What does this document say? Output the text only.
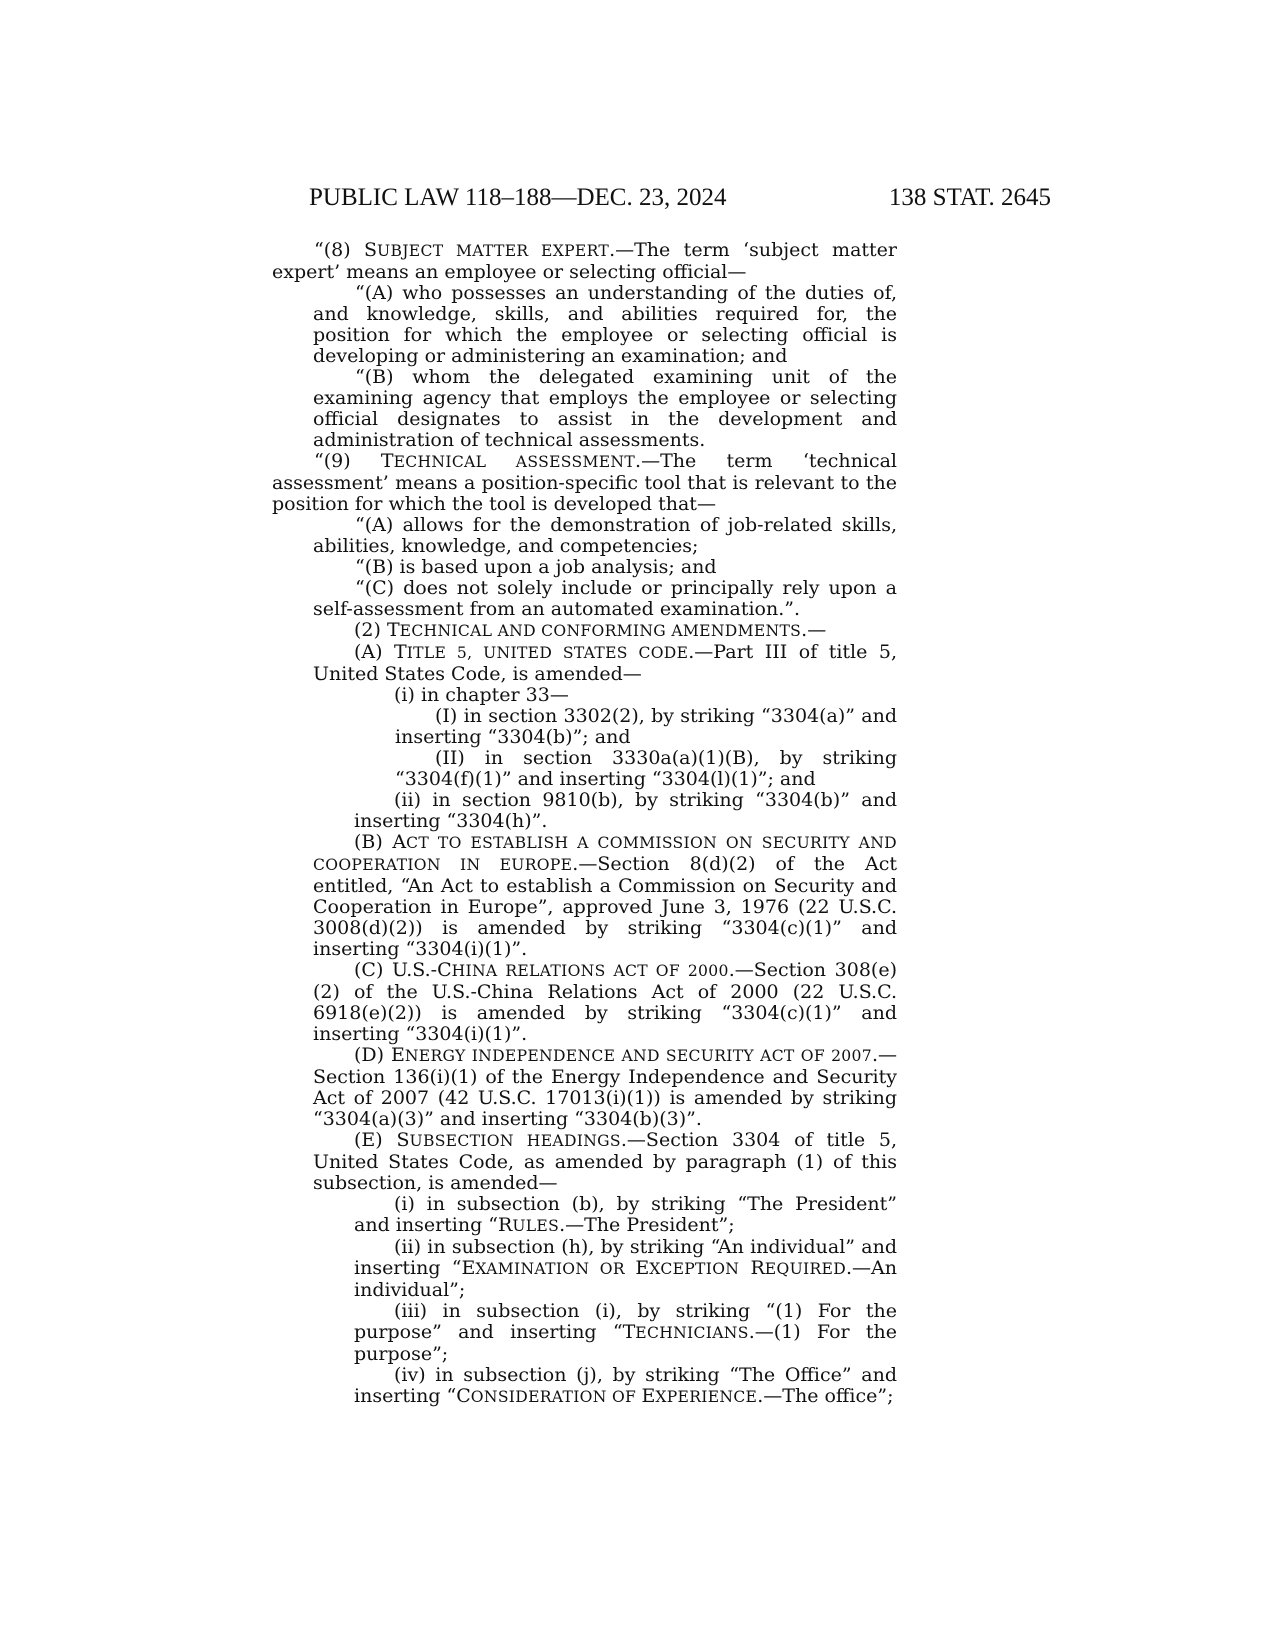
PUBLIC LAW 118–188—DEC. 23, 2024	138 STAT. 2645
“(8) SUBJECT MATTER EXPERT.—The term ‘subject matter expert’ means an employee or selecting official—
“(A) who possesses an understanding of the duties of, and knowledge, skills, and abilities required for, the position for which the employee or selecting official is developing or administering an examination; and
“(B) whom the delegated examining unit of the examining agency that employs the employee or selecting official designates to assist in the development and administration of technical assessments.
“(9) TECHNICAL ASSESSMENT.—The term ‘technical assessment’ means a position-specific tool that is relevant to the position for which the tool is developed that—
“(A) allows for the demonstration of job-related skills, abilities, knowledge, and competencies;
“(B) is based upon a job analysis; and
“(C) does not solely include or principally rely upon a self-assessment from an automated examination.”.
(2) TECHNICAL AND CONFORMING AMENDMENTS.—
(A) TITLE 5, UNITED STATES CODE.—Part III of title 5, United States Code, is amended—
(i) in chapter 33—
(I) in section 3302(2), by striking “3304(a)” and inserting “3304(b)”; and
(II) in section 3330a(a)(1)(B), by striking “3304(f)(1)” and inserting “3304(l)(1)”; and
(ii) in section 9810(b), by striking “3304(b)” and inserting “3304(h)”.
(B) ACT TO ESTABLISH A COMMISSION ON SECURITY AND COOPERATION IN EUROPE.—Section 8(d)(2) of the Act entitled, “An Act to establish a Commission on Security and Cooperation in Europe”, approved June 3, 1976 (22 U.S.C. 3008(d)(2)) is amended by striking “3304(c)(1)” and inserting “3304(i)(1)”.
(C) U.S.-CHINA RELATIONS ACT OF 2000.—Section 308(e)(2) of the U.S.-China Relations Act of 2000 (22 U.S.C. 6918(e)(2)) is amended by striking “3304(c)(1)” and inserting “3304(i)(1)”.
(D) ENERGY INDEPENDENCE AND SECURITY ACT OF 2007.—Section 136(i)(1) of the Energy Independence and Security Act of 2007 (42 U.S.C. 17013(i)(1)) is amended by striking “3304(a)(3)” and inserting “3304(b)(3)”.
(E) SUBSECTION HEADINGS.—Section 3304 of title 5, United States Code, as amended by paragraph (1) of this subsection, is amended—
(i) in subsection (b), by striking “The President” and inserting “RULES.—The President”;
(ii) in subsection (h), by striking “An individual” and inserting “EXAMINATION OR EXCEPTION REQUIRED.—An individual”;
(iii) in subsection (i), by striking “(1) For the purpose” and inserting “TECHNICIANS.—(1) For the purpose”;
(iv) in subsection (j), by striking “The Office” and inserting “CONSIDERATION OF EXPERIENCE.—The office”;
